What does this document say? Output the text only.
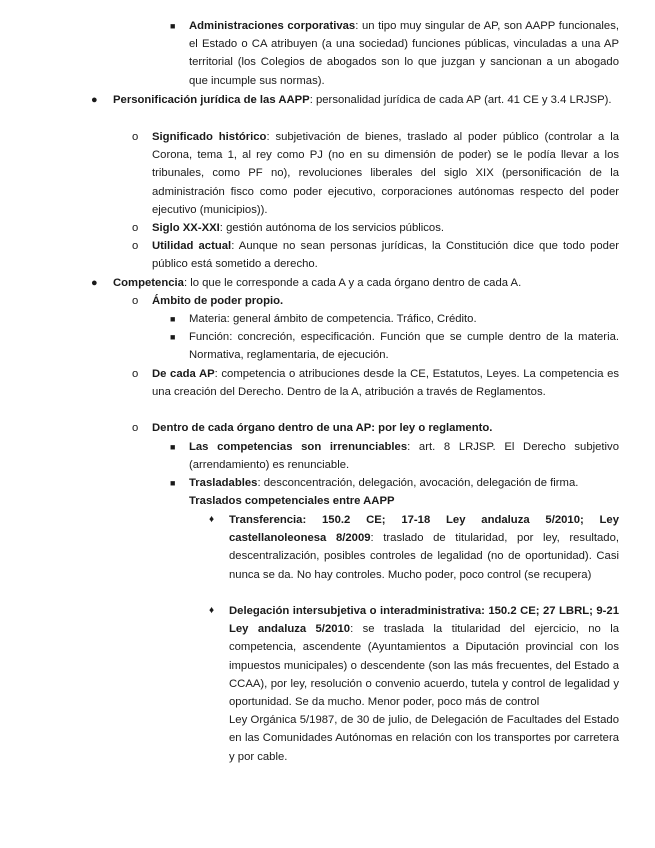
■ Administraciones corporativas: un tipo muy singular de AP, son AAPP funcionales, el Estado o CA atribuyen (a una sociedad) funciones públicas, vinculadas a una AP territorial (los Colegios de abogados son lo que juzgan y sancionan a un abogado que incumple sus normas).
● Personificación jurídica de las AAPP: personalidad jurídica de cada AP (art. 41 CE y 3.4 LRJSP).
o Significado histórico: subjetivación de bienes, traslado al poder público (controlar a la Corona, tema 1, al rey como PJ (no en su dimensión de poder) se le podía llevar a los tribunales, como PF no), revoluciones liberales del siglo XIX (personificación de la administración fisco como poder ejecutivo, corporaciones autónomas respecto del poder ejecutivo (municipios)).
o Siglo XX-XXI: gestión autónoma de los servicios públicos.
o Utilidad actual: Aunque no sean personas jurídicas, la Constitución dice que todo poder público está sometido a derecho.
● Competencia: lo que le corresponde a cada A y a cada órgano dentro de cada A.
o Ámbito de poder propio.
■ Materia: general ámbito de competencia. Tráfico, Crédito.
■ Función: concreción, especificación. Función que se cumple dentro de la materia. Normativa, reglamentaria, de ejecución.
o De cada AP: competencia o atribuciones desde la CE, Estatutos, Leyes. La competencia es una creación del Derecho. Dentro de la A, atribución a través de Reglamentos.
o Dentro de cada órgano dentro de una AP: por ley o reglamento.
■ Las competencias son irrenunciables: art. 8 LRJSP. El Derecho subjetivo (arrendamiento) es renunciable.
■ Trasladables: desconcentración, delegación, avocación, delegación de firma.
Traslados competenciales entre AAPP
♦ Transferencia: 150.2 CE; 17-18 Ley andaluza 5/2010; Ley castellanoleonesa 8/2009: traslado de titularidad, por ley, resultado, descentralización, posibles controles de legalidad (no de oportunidad). Casi nunca se da. No hay controles. Mucho poder, poco control (se recupera)
♦ Delegación intersubjetiva o interadministrativa: 150.2 CE; 27 LBRL; 9-21 Ley andaluza 5/2010: se traslada la titularidad del ejercicio, no la competencia, ascendente (Ayuntamientos a Diputación provincial con los impuestos municipales) o descendente (son las más frecuentes, del Estado a CCAA), por ley, resolución o convenio acuerdo, tutela y control de legalidad y oportunidad. Se da mucho. Menor poder, poco más de control
Ley Orgánica 5/1987, de 30 de julio, de Delegación de Facultades del Estado en las Comunidades Autónomas en relación con los transportes por carretera y por cable.
